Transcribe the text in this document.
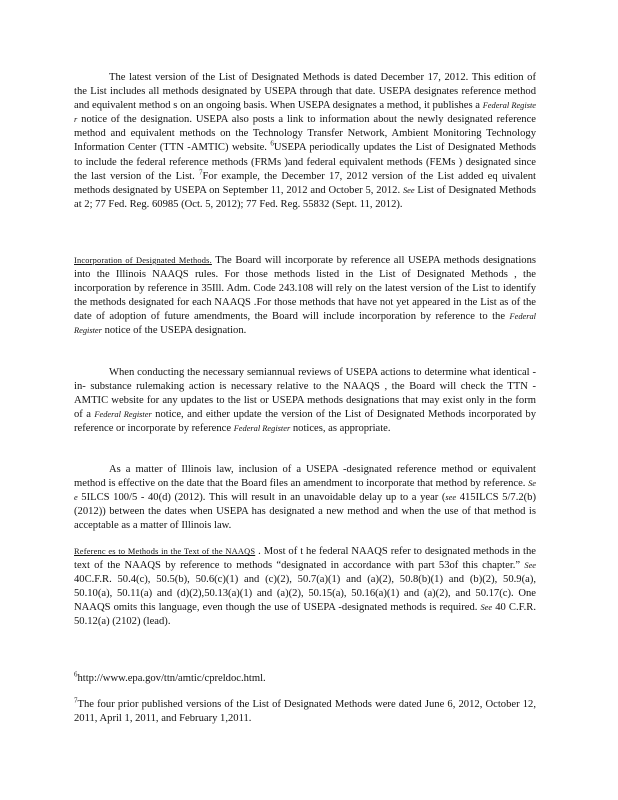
The latest version of the List of Designated Methods is dated December 17, 2012. This edition of the List includes all methods designated by USEPA through that date. USEPA designates reference method and equivalent method s on an ongoing basis. When USEPA designates a method, it publishes a Federal Registe r notice of the designation. USEPA also posts a link to information about the newly designated reference method and equivalent methods on the Technology Transfer Network, Ambient Monitoring Technology Information Center (TTN -AMTIC) website. $^6$USEPA periodically updates the List of Designated Methods to include the federal reference methods (FRMs )and federal equivalent methods (FEMs ) designated since the last version of the List. $^7$For example, the December 17, 2012 version of the List added eq uivalent methods designated by USEPA on September 11, 2012 and October 5, 2012. See List of Designated Methods at 2; 77 Fed. Reg. 60985 (Oct. 5, 2012); 77 Fed. Reg. 55832 (Sept. 11, 2012).

Incorporation of Designated Methods. The Board will incorporate by reference all USEPA methods designations into the Illinois NAAQS rules. For those methods listed in the List of Designated Methods , the incorporation by reference in 35Ill. Adm. Code 243.108 will rely on the latest version of the List to identify the methods designated for each NAAQS .For those methods that have not yet appeared in the List as of the date of adoption of future amendments, the Board will include incorporation by reference to the Federal Register notice of the USEPA designation.

When conducting the necessary semiannual reviews of USEPA actions to determine what identical -in- substance rulemaking action is necessary relative to the NAAQS , the Board will check the TTN -AMTIC website for any updates to the list or USEPA methods designations that may exist only in the form of a Federal Register notice, and either update the version of the List of Designated Methods incorporated by reference or incorporate by reference Federal Register notices, as appropriate.

As a matter of Illinois law, inclusion of a USEPA -designated reference method or equivalent method is effective on the date that the Board files an amendment to incorporate that method by reference. Se e 5ILCS 100/5 - 40(d) (2012). This will result in an unavoidable delay up to a year (see 415ILCS 5/7.2(b) (2012)) between the dates when USEPA has designated a new method and when the use of that method is acceptable as a matter of Illinois law.

Referenc es to Methods in the Text of the NAAQS . Most of t he federal NAAQS refer to designated methods in the text of the NAAQS by reference to methods “designated in accordance with part 53of this chapter.” See 40C.F.R. 50.4(c), 50.5(b), 50.6(c)(1) and (c)(2), 50.7(a)(1) and (a)(2), 50.8(b)(1) and (b)(2), 50.9(a), 50.10(a), 50.11(a) and (d)(2),50.13(a)(1) and (a)(2), 50.15(a), 50.16(a)(1) and (a)(2), and 50.17(c). One NAAQS omits this language, even though the use of USEPA -designated methods is required. See 40 C.F.R. 50.12(a) (2102) (lead).

$^6$http://www.epa.gov/ttn/amtic/cpreldoc.html.

$^7$The four prior published versions of the List of Designated Methods were dated June 6, 2012, October 12, 2011, April 1, 2011, and February 1,2011.
